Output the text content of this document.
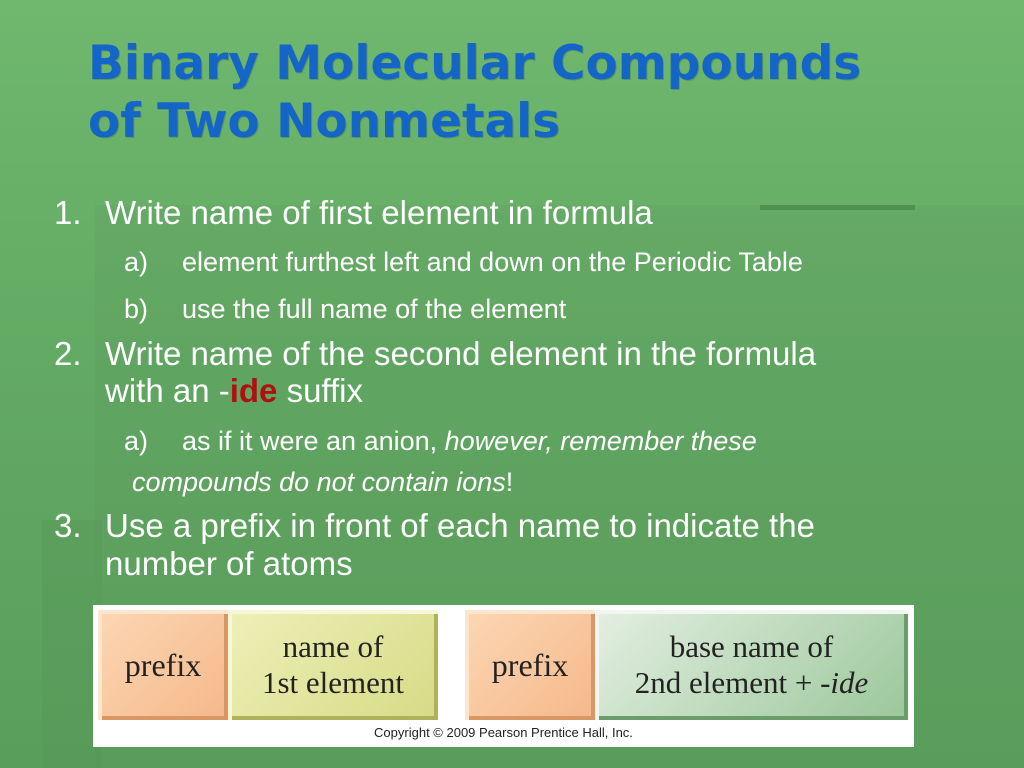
Binary Molecular Compounds
of Two Nonmetals
1. Write name of first element in formula
a) element furthest left and down on the Periodic Table
b) use the full name of the element
2. Write name of the second element in the formula
with an -ide suffix
a) as if it were an anion, however, remember these
compounds do not contain ions!
3. Use a prefix in front of each name to indicate the
number of atoms
prefix	name of
1st element	prefix	base name of
2nd element + -ide
Copyright © 2009 Pearson Prentice Hall, Inc.
